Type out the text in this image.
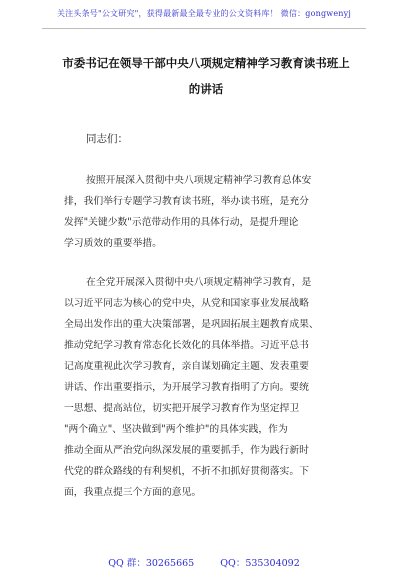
关注头条号"公文研究"，获得最新最全最专业的公文资料库！ 微信：gongwenyj
市委书记在领导干部中央八项规定精神学习教育读书班上
的讲话
同志们：
按照开展深入贯彻中央八项规定精神学习教育总体安
排，我们举行专题学习教育读书班，举办读书班，是充分
发挥"关键少数"示范带动作用的具体行动，是提升理论
学习质效的重要举措。
在全党开展深入贯彻中央八项规定精神学习教育，是
以习近平同志为核心的党中央，从党和国家事业发展战略
全局出发作出的重大决策部署，是巩固拓展主题教育成果、
推动党纪学习教育常态化长效化的具体举措。习近平总书
记高度重视此次学习教育，亲自谋划确定主题、发表重要
讲话、作出重要指示，为开展学习教育指明了方向。要统
一思想、提高站位，切实把开展学习教育作为坚定捍卫
"两个确立"、坚决做到"两个维护"的具体实践，作为
推动全面从严治党向纵深发展的重要抓手，作为践行新时
代党的群众路线的有利契机，不折不扣抓好贯彻落实。下
面，我重点提三个方面的意见。
QQ 群：30265665	QQ：535304092
